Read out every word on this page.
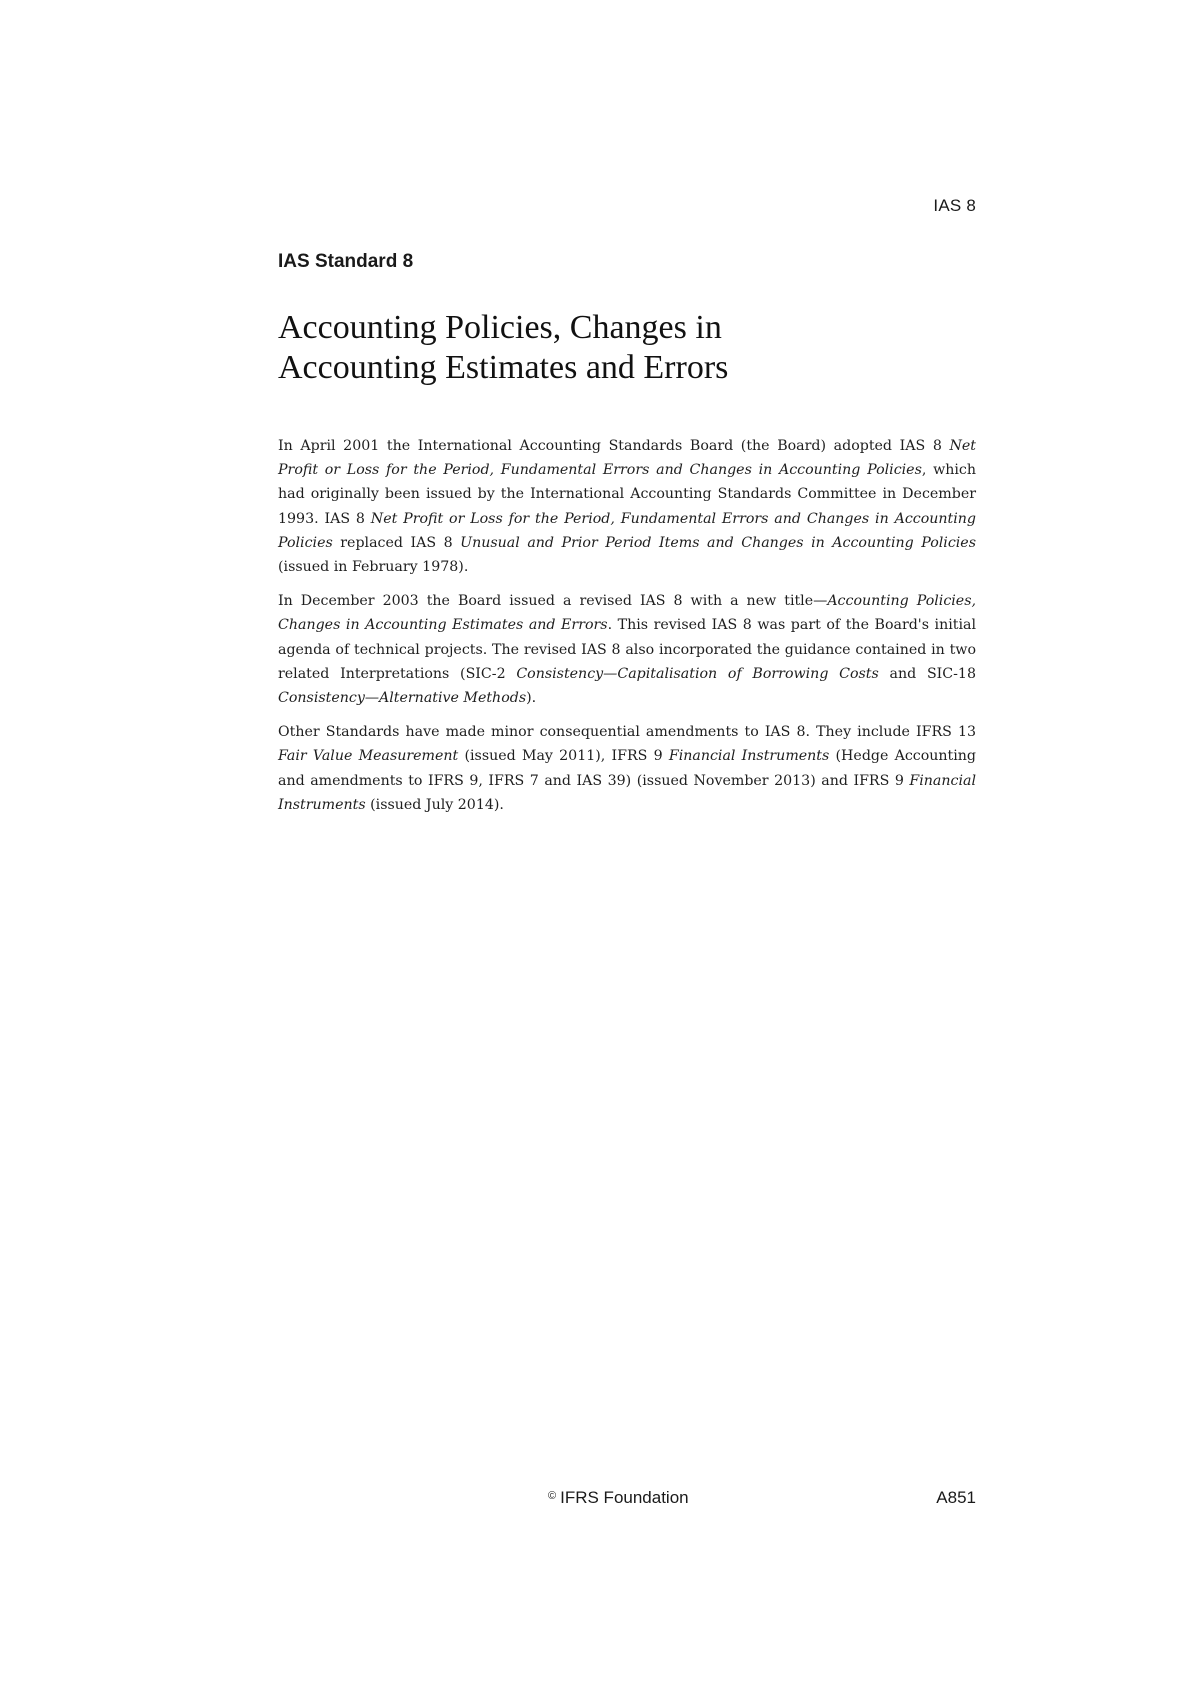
IAS 8
IAS Standard 8
Accounting Policies, Changes in
Accounting Estimates and Errors

In April 2001 the International Accounting Standards Board (the Board) adopted IAS 8 Net Profit or Loss for the Period, Fundamental Errors and Changes in Accounting Policies, which had originally been issued by the International Accounting Standards Committee in December 1993. IAS 8 Net Profit or Loss for the Period, Fundamental Errors and Changes in Accounting Policies replaced IAS 8 Unusual and Prior Period Items and Changes in Accounting Policies (issued in February 1978).

In December 2003 the Board issued a revised IAS 8 with a new title—Accounting Policies, Changes in Accounting Estimates and Errors. This revised IAS 8 was part of the Board's initial agenda of technical projects. The revised IAS 8 also incorporated the guidance contained in two related Interpretations (SIC-2 Consistency—Capitalisation of Borrowing Costs and SIC-18 Consistency—Alternative Methods).

Other Standards have made minor consequential amendments to IAS 8. They include IFRS 13 Fair Value Measurement (issued May 2011), IFRS 9 Financial Instruments (Hedge Accounting and amendments to IFRS 9, IFRS 7 and IAS 39) (issued November 2013) and IFRS 9 Financial Instruments (issued July 2014).

© IFRS Foundation	A851
